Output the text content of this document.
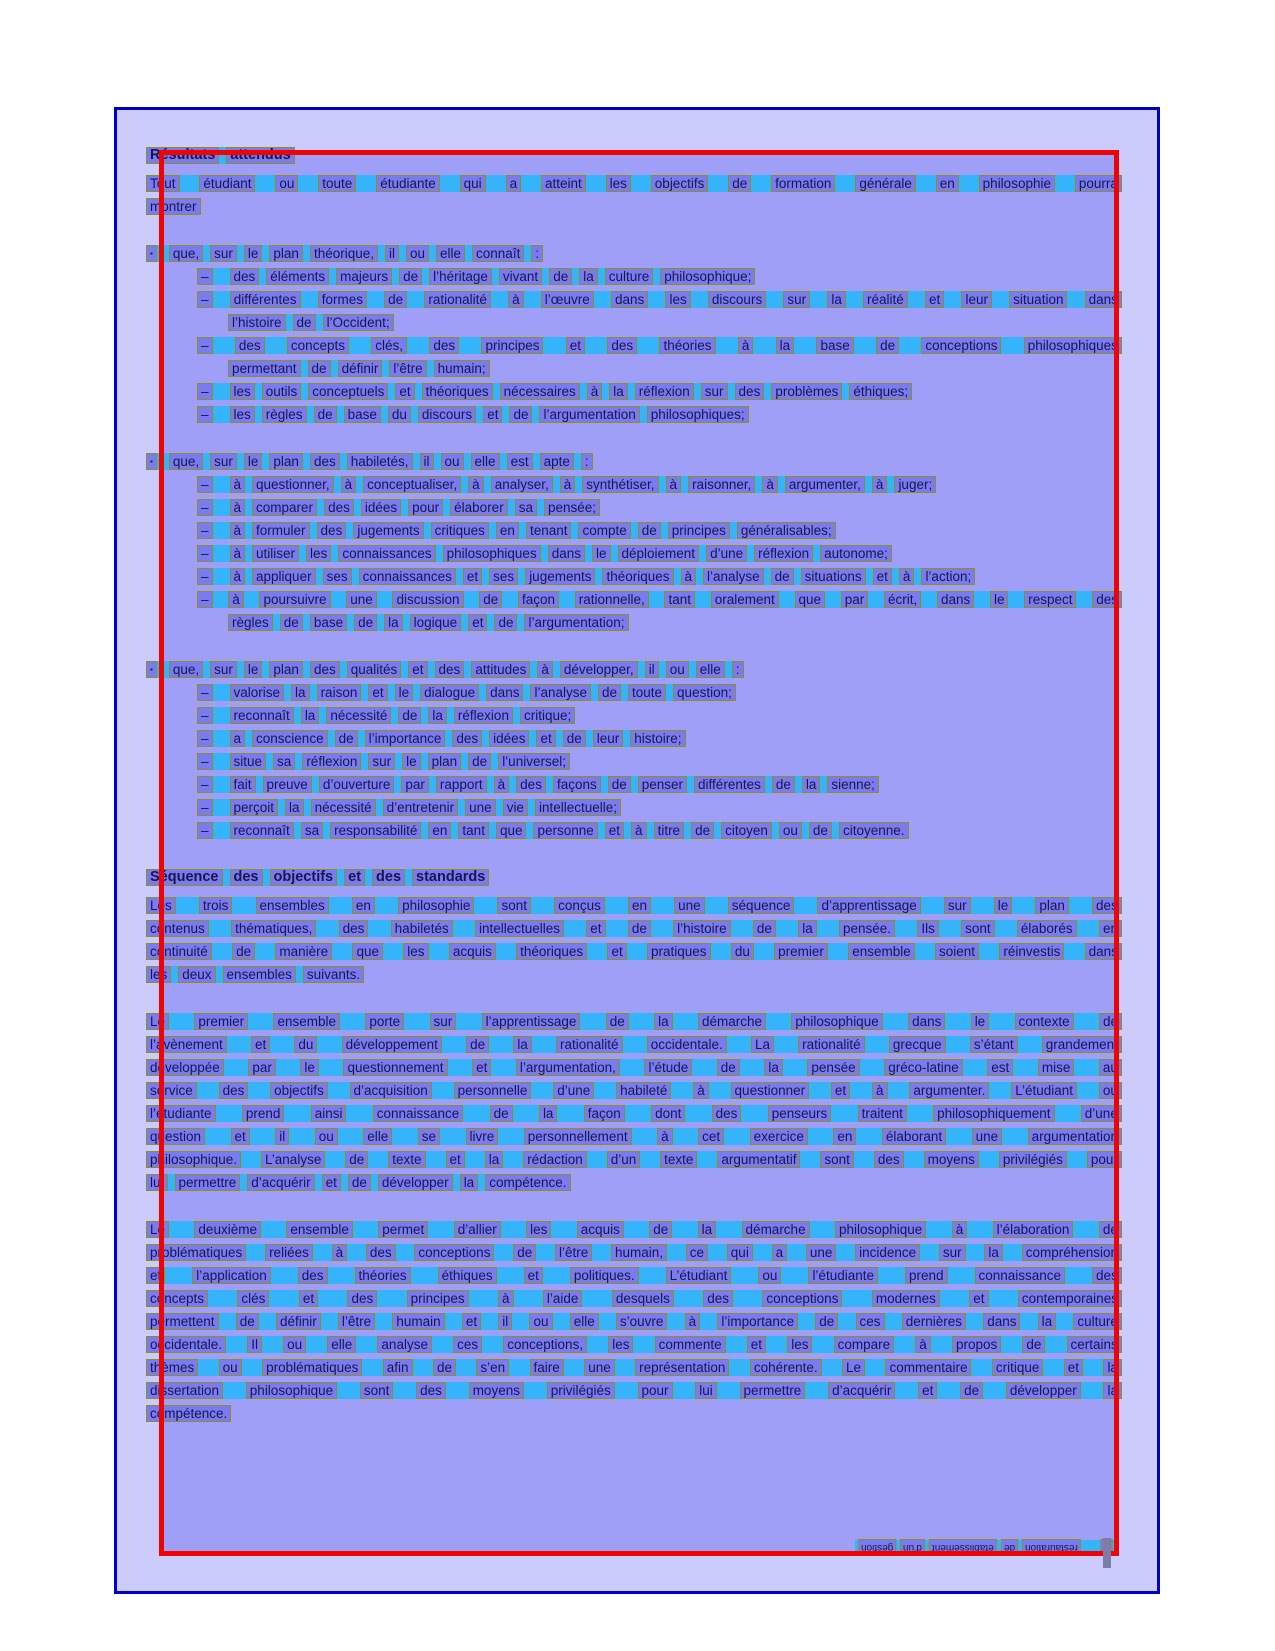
Résultats attendus
Tout étudiant ou toute étudiante qui a atteint les objectifs de formation générale en philosophie pourra
montrer
▪ que, sur le plan théorique, il ou elle connaît :
– des éléments majeurs de l’héritage vivant de la culture philosophique;
– différentes formes de rationalité à l’œuvre dans les discours sur la réalité et leur situation dans
l’histoire de l’Occident;
– des concepts clés, des principes et des théories à la base de conceptions philosophiques
permettant de définir l’être humain;
– les outils conceptuels et théoriques nécessaires à la réflexion sur des problèmes éthiques;
– les règles de base du discours et de l’argumentation philosophiques;
▪ que, sur le plan des habiletés, il ou elle est apte :
– à questionner, à conceptualiser, à analyser, à synthétiser, à raisonner, à argumenter, à juger;
– à comparer des idées pour élaborer sa pensée;
– à formuler des jugements critiques en tenant compte de principes généralisables;
– à utiliser les connaissances philosophiques dans le déploiement d’une réflexion autonome;
– à appliquer ses connaissances et ses jugements théoriques à l’analyse de situations et à l’action;
– à poursuivre une discussion de façon rationnelle, tant oralement que par écrit, dans le respect des
règles de base de la logique et de l’argumentation;
▪ que, sur le plan des qualités et des attitudes à développer, il ou elle :
– valorise la raison et le dialogue dans l’analyse de toute question;
– reconnaît la nécessité de la réflexion critique;
– a conscience de l’importance des idées et de leur histoire;
– situe sa réflexion sur le plan de l’universel;
– fait preuve d’ouverture par rapport à des façons de penser différentes de la sienne;
– perçoit la nécessité d’entretenir une vie intellectuelle;
– reconnaît sa responsabilité en tant que personne et à titre de citoyen ou de citoyenne.
Séquence des objectifs et des standards
Les trois ensembles en philosophie sont conçus en une séquence d’apprentissage sur le plan des
contenus thématiques, des habiletés intellectuelles et de l’histoire de la pensée. Ils sont élaborés en
continuité de manière que les acquis théoriques et pratiques du premier ensemble soient réinvestis dans
les deux ensembles suivants.
Le premier ensemble porte sur l’apprentissage de la démarche philosophique dans le contexte de
l’avènement et du développement de la rationalité occidentale. La rationalité grecque s’étant grandement
développée par le questionnement et l’argumentation, l’étude de la pensée gréco-latine est mise au
service des objectifs d’acquisition personnelle d’une habileté à questionner et à argumenter. L’étudiant ou
l’étudiante	prend	ainsi	connaissance	de	la	façon	dont	des	penseurs	traitent	philosophiquement	d’une
question et il ou elle se livre personnellement à cet exercice en élaborant une argumentation
philosophique. L’analyse de texte et la rédaction d’un texte argumentatif sont des moyens privilégiés pour
lui permettre d’acquérir et de développer la compétence.
Le deuxième ensemble permet d’allier les acquis de la démarche philosophique à l’élaboration de
problématiques reliées à des conceptions de l’être humain, ce qui a une incidence sur la compréhension
et	l’application	des	théories	éthiques	et	politiques.	L’étudiant	ou	l’étudiante	prend	connaissance	des
concepts	clés	et	des	principes	à	l’aide	desquels	des	conceptions	modernes	et	contemporaines
permettent de définir l’être humain et il ou elle s’ouvre à l’importance de ces dernières dans la culture
occidentale. Il ou elle analyse ces conceptions, les commente et les compare à propos de certains
thèmes ou problématiques afin de s’en faire une représentation cohérente. Le commentaire critique et la
dissertation philosophique sont des moyens privilégiés pour lui permettre d’acquérir et de développer la
compétence.
gestion	d’un	établissement	de	restauration
